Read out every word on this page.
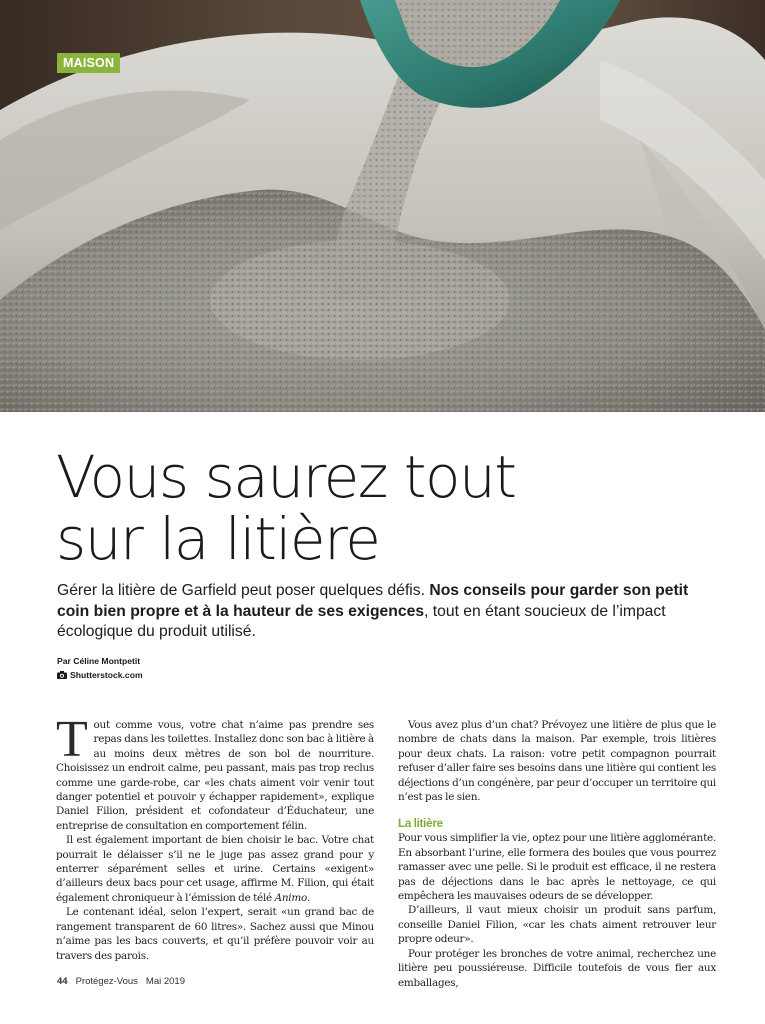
MAISON
Vous saurez tout
sur la litière

Gérer la litière de Garfield peut poser quelques défis. Nos conseils pour garder son petit coin bien propre et à la hauteur de ses exigences, tout en étant soucieux de l’impact écologique du produit utilisé.

Par Céline Montpetit

Shutterstock.com

Tout comme vous, votre chat n’aime pas prendre ses repas dans les toilettes. Installez donc son bac à litière à au moins deux mètres de son bol de nourriture. Choisissez un endroit calme, peu passant, mais pas trop reclus comme une garde-robe, car «les chats aiment voir venir tout danger potentiel et pouvoir y échapper rapidement», explique Daniel Filion, président et cofondateur d’Éduchateur, une entreprise de consultation en comportement félin.

Il est également important de bien choisir le bac. Votre chat pourrait le délaisser s’il ne le juge pas assez grand pour y enterrer séparément selles et urine. Certains «exigent» d’ailleurs deux bacs pour cet usage, affirme M. Filion, qui était également chroniqueur à l’émission de télé Animo.

Le contenant idéal, selon l’expert, serait «un grand bac de rangement transparent de 60 litres». Sachez aussi que Minou n’aime pas les bacs couverts, et qu’il préfère pouvoir voir au travers des parois.

Vous avez plus d’un chat? Prévoyez une litière de plus que le nombre de chats dans la maison. Par exemple, trois litières pour deux chats. La raison: votre petit compagnon pourrait refuser d’aller faire ses besoins dans une litière qui contient les déjections d’un congénère, par peur d’occuper un territoire qui n’est pas le sien.

La litière

Pour vous simplifier la vie, optez pour une litière agglomérante. En absorbant l’urine, elle formera des boules que vous pourrez ramasser avec une pelle. Si le produit est efficace, il ne restera pas de déjections dans le bac après le nettoyage, ce qui empêchera les mauvaises odeurs de se développer.

D’ailleurs, il vaut mieux choisir un produit sans parfum, conseille Daniel Filion, «car les chats aiment retrouver leur propre odeur».

Pour protéger les bronches de votre animal, recherchez une litière peu poussiéreuse. Difficile toutefois de vous fier aux emballages,

44 Protégez-Vous Mai 2019
